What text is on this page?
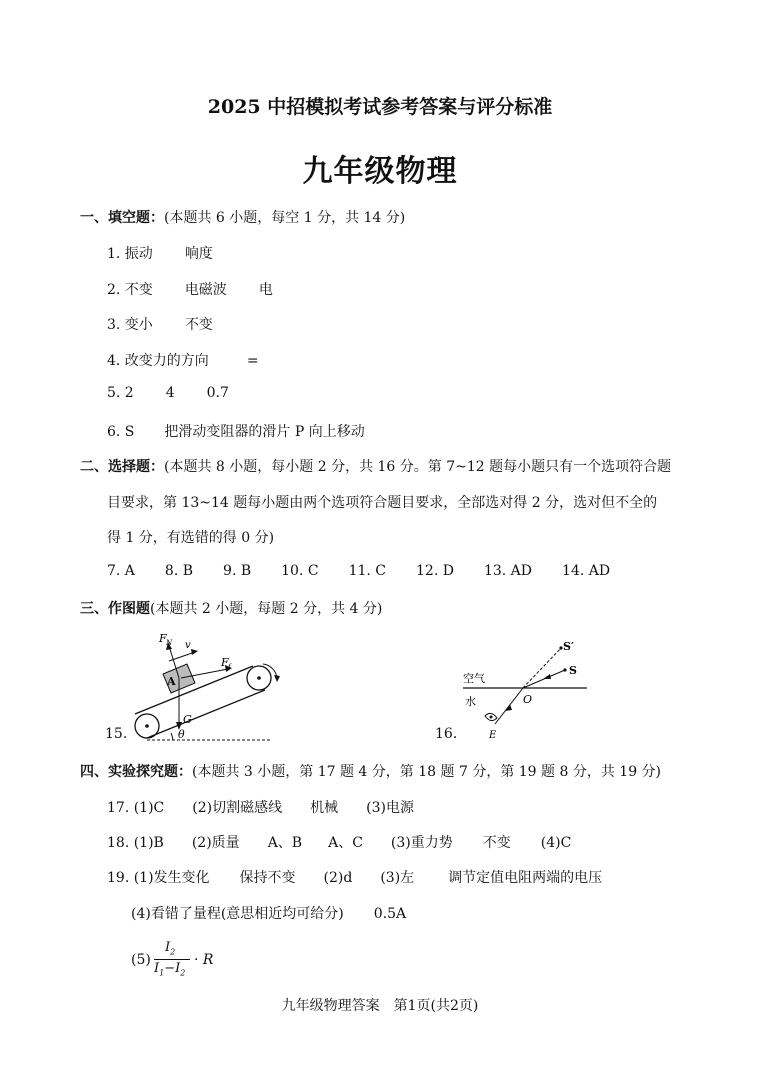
2025 中招模拟考试参考答案与评分标准
九年级物理
一、填空题：(本题共 6 小题，每空 1 分，共 14 分)
1. 振动 响度
2. 不变 电磁波 电
3. 变小 不变
4. 改变力的方向	=
5. 2 4 0.7
6. S 把滑动变阻器的滑片 P 向上移动
二、选择题：(本题共 8 小题，每小题 2 分，共 16 分。第 7~12 题每小题只有一个选项符合题
目要求，第 13~14 题每小题由两个选项符合题目要求，全部选对得 2 分，选对但不全的
得 1 分，有选错的得 0 分)
7. A 8. B 9. B 10. C 11. C 12. D 13. AD 14. AD
三、作图题(本题共 2 小题，每题 2 分，共 4 分)
15.	θ
A
F N v
F f
G
16.
空气
水
S′
S
O
E
四、实验探究题：(本题共 3 小题，第 17 题 4 分，第 18 题 7 分，第 19 题 8 分，共 19 分)
17. (1)C (2)切割磁感线 机械 (3)电源
18. (1)B (2)质量 A、B A、C (3)重力势 不变 (4)C
19. (1)发生变化 保持不变 (2)d (3)左 调节定值电阻两端的电压
(4)看错了量程(意思相近均可给分) 0.5A
(5)
$I_2$
$I_1-I_2$
· R
九年级物理答案　第1页(共2页)
